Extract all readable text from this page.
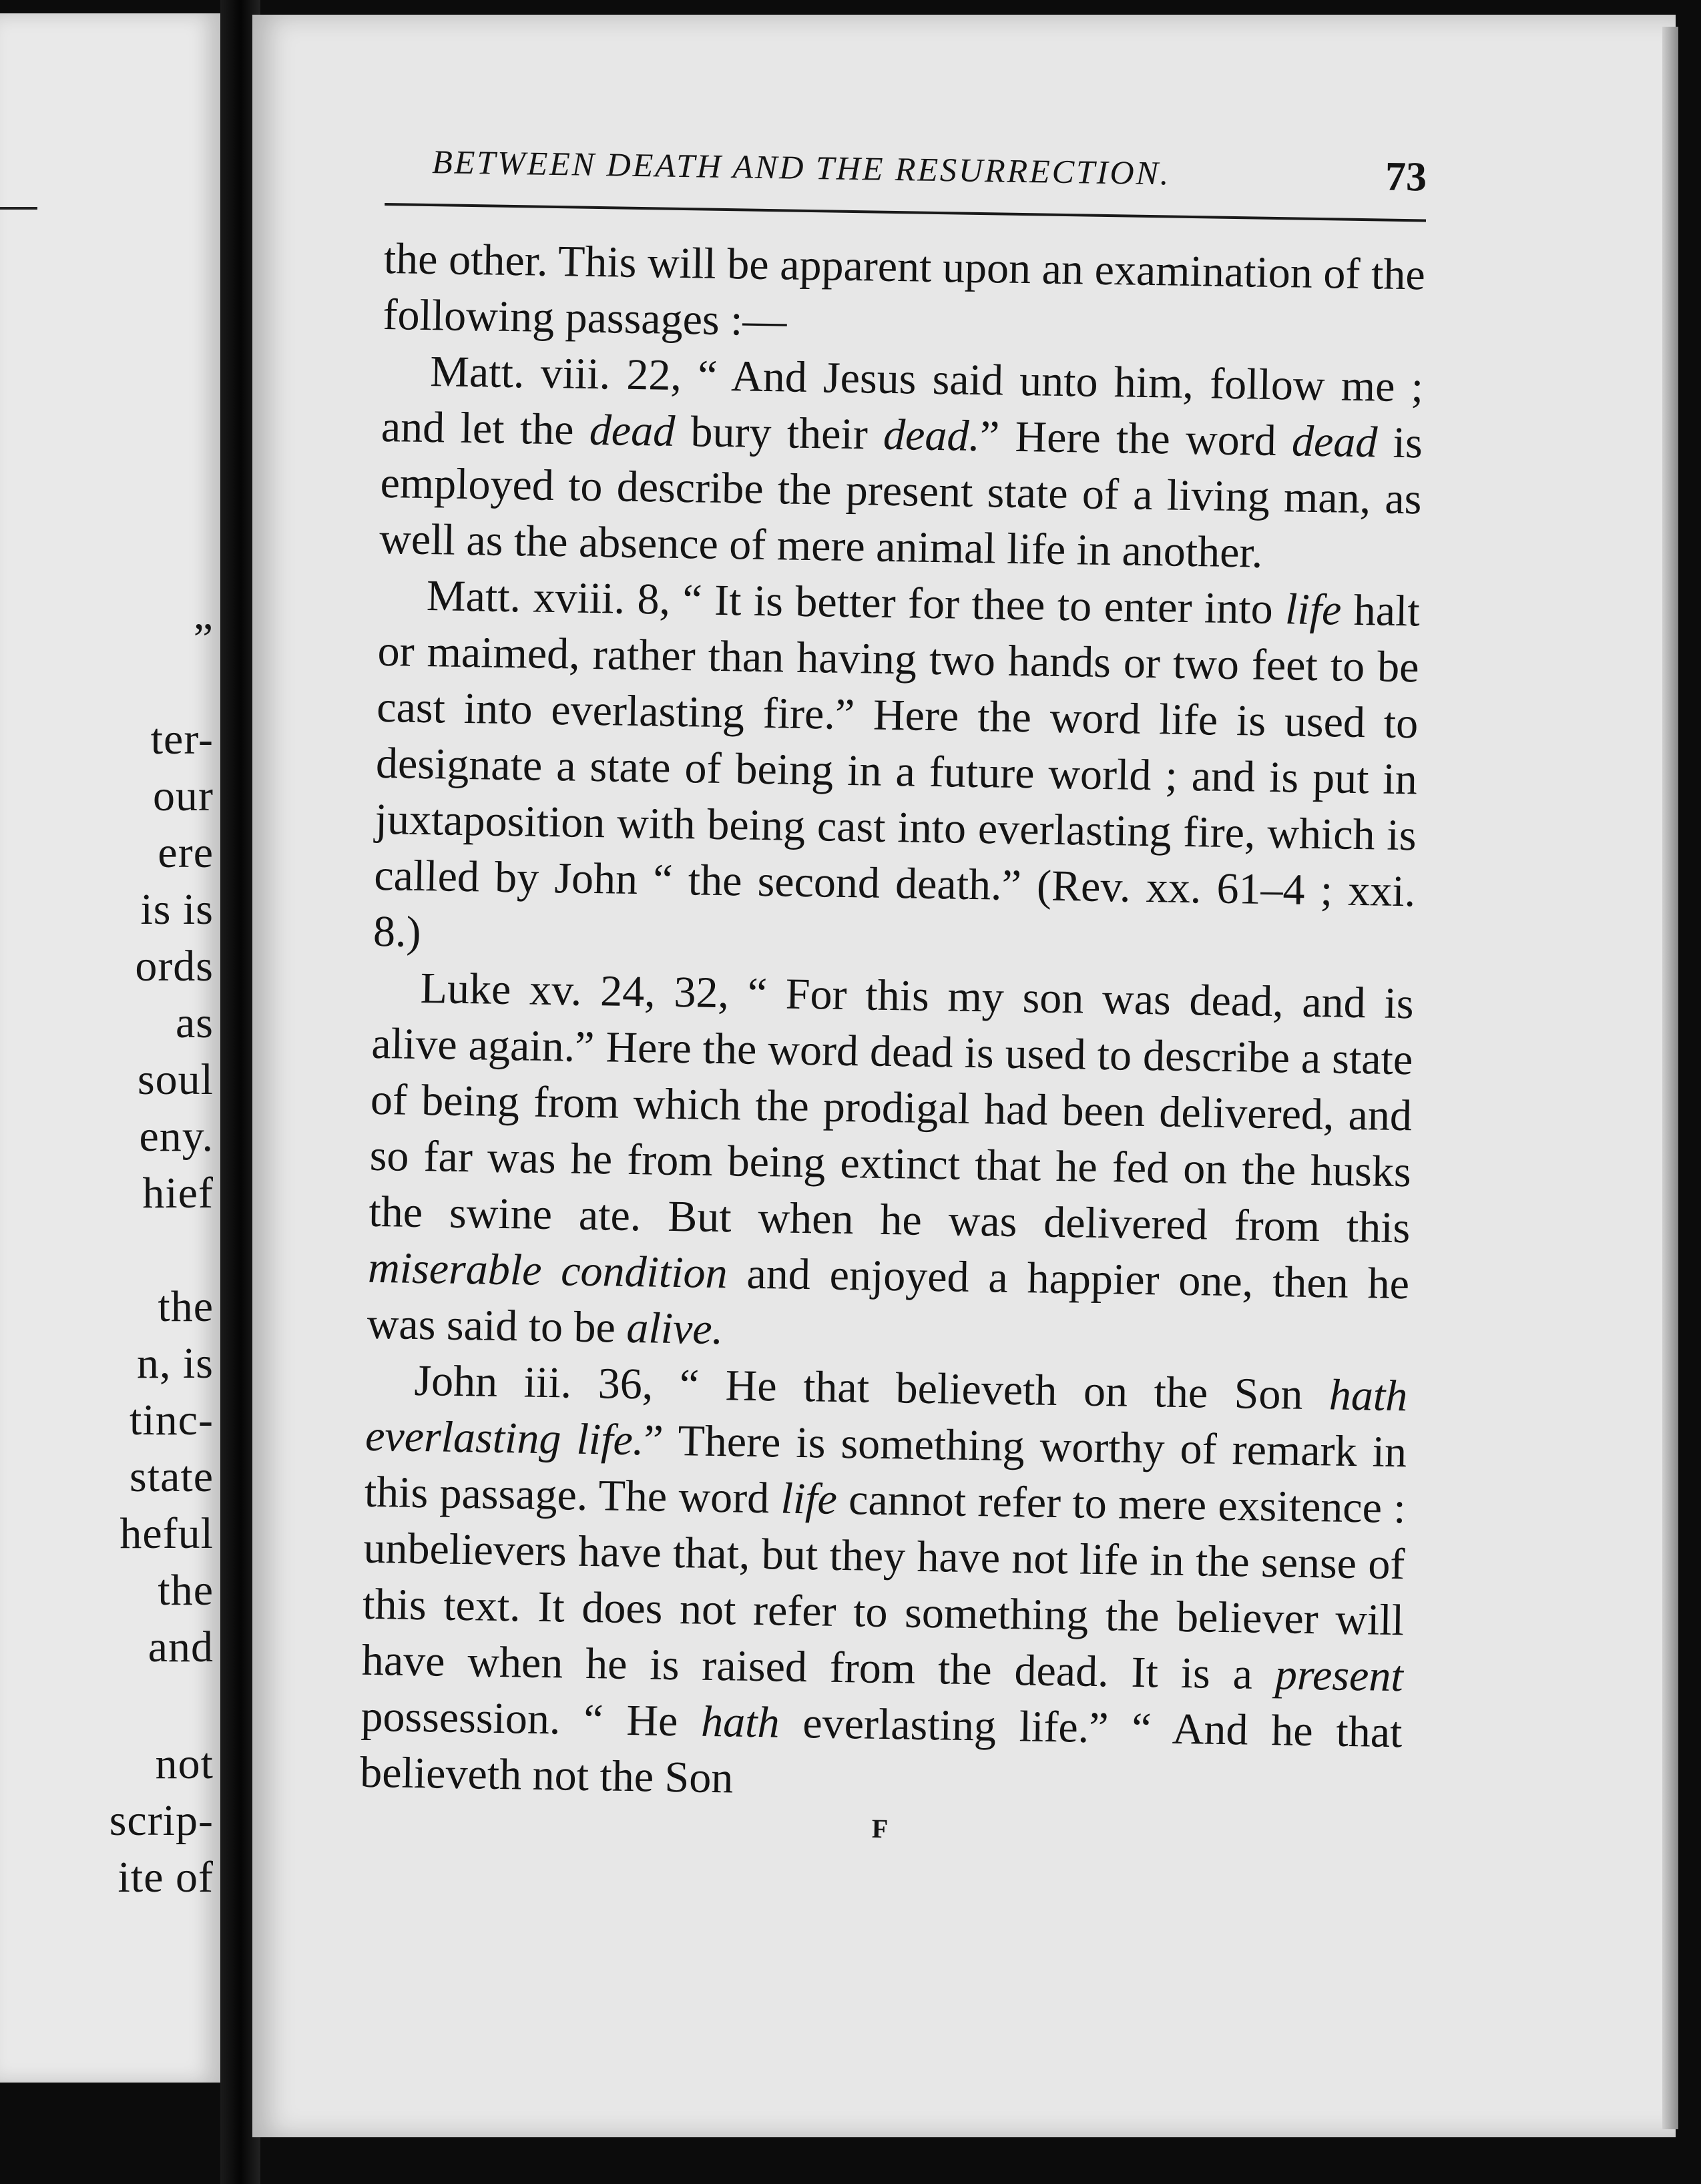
”
ter-
our
ere
is is
ords
as
soul
eny.
hief
the
n, is
tinc-
state
heful
the
and
not
scrip-
ite of
BETWEEN DEATH AND THE RESURRECTION.	73

the other. This will be apparent upon an examination of the following passages :—

Matt. viii. 22, “ And Jesus said unto him, follow me ; and let the dead bury their dead.” Here the word dead is employed to describe the present state of a living man, as well as the absence of mere animal life in another.

Matt. xviii. 8, “ It is better for thee to enter into life halt or maimed, rather than having two hands or two feet to be cast into everlasting fire.” Here the word life is used to designate a state of being in a future world ; and is put in juxtaposition with being cast into everlasting fire, which is called by John “ the second death.” (Rev. xx. 61–4 ; xxi. 8.)

Luke xv. 24, 32, “ For this my son was dead, and is alive again.” Here the word dead is used to describe a state of being from which the prodigal had been delivered, and so far was he from being extinct that he fed on the husks the swine ate. But when he was delivered from this miserable condition and enjoyed a happier one, then he was said to be alive.

John iii. 36, “ He that believeth on the Son hath everlasting life.” There is something worthy of remark in this passage. The word life cannot refer to mere exsitence : unbelievers have that, but they have not life in the sense of this text. It does not refer to something the believer will have when he is raised from the dead. It is a present possession. “ He hath everlasting life.” “ And he that believeth not the Son

F
